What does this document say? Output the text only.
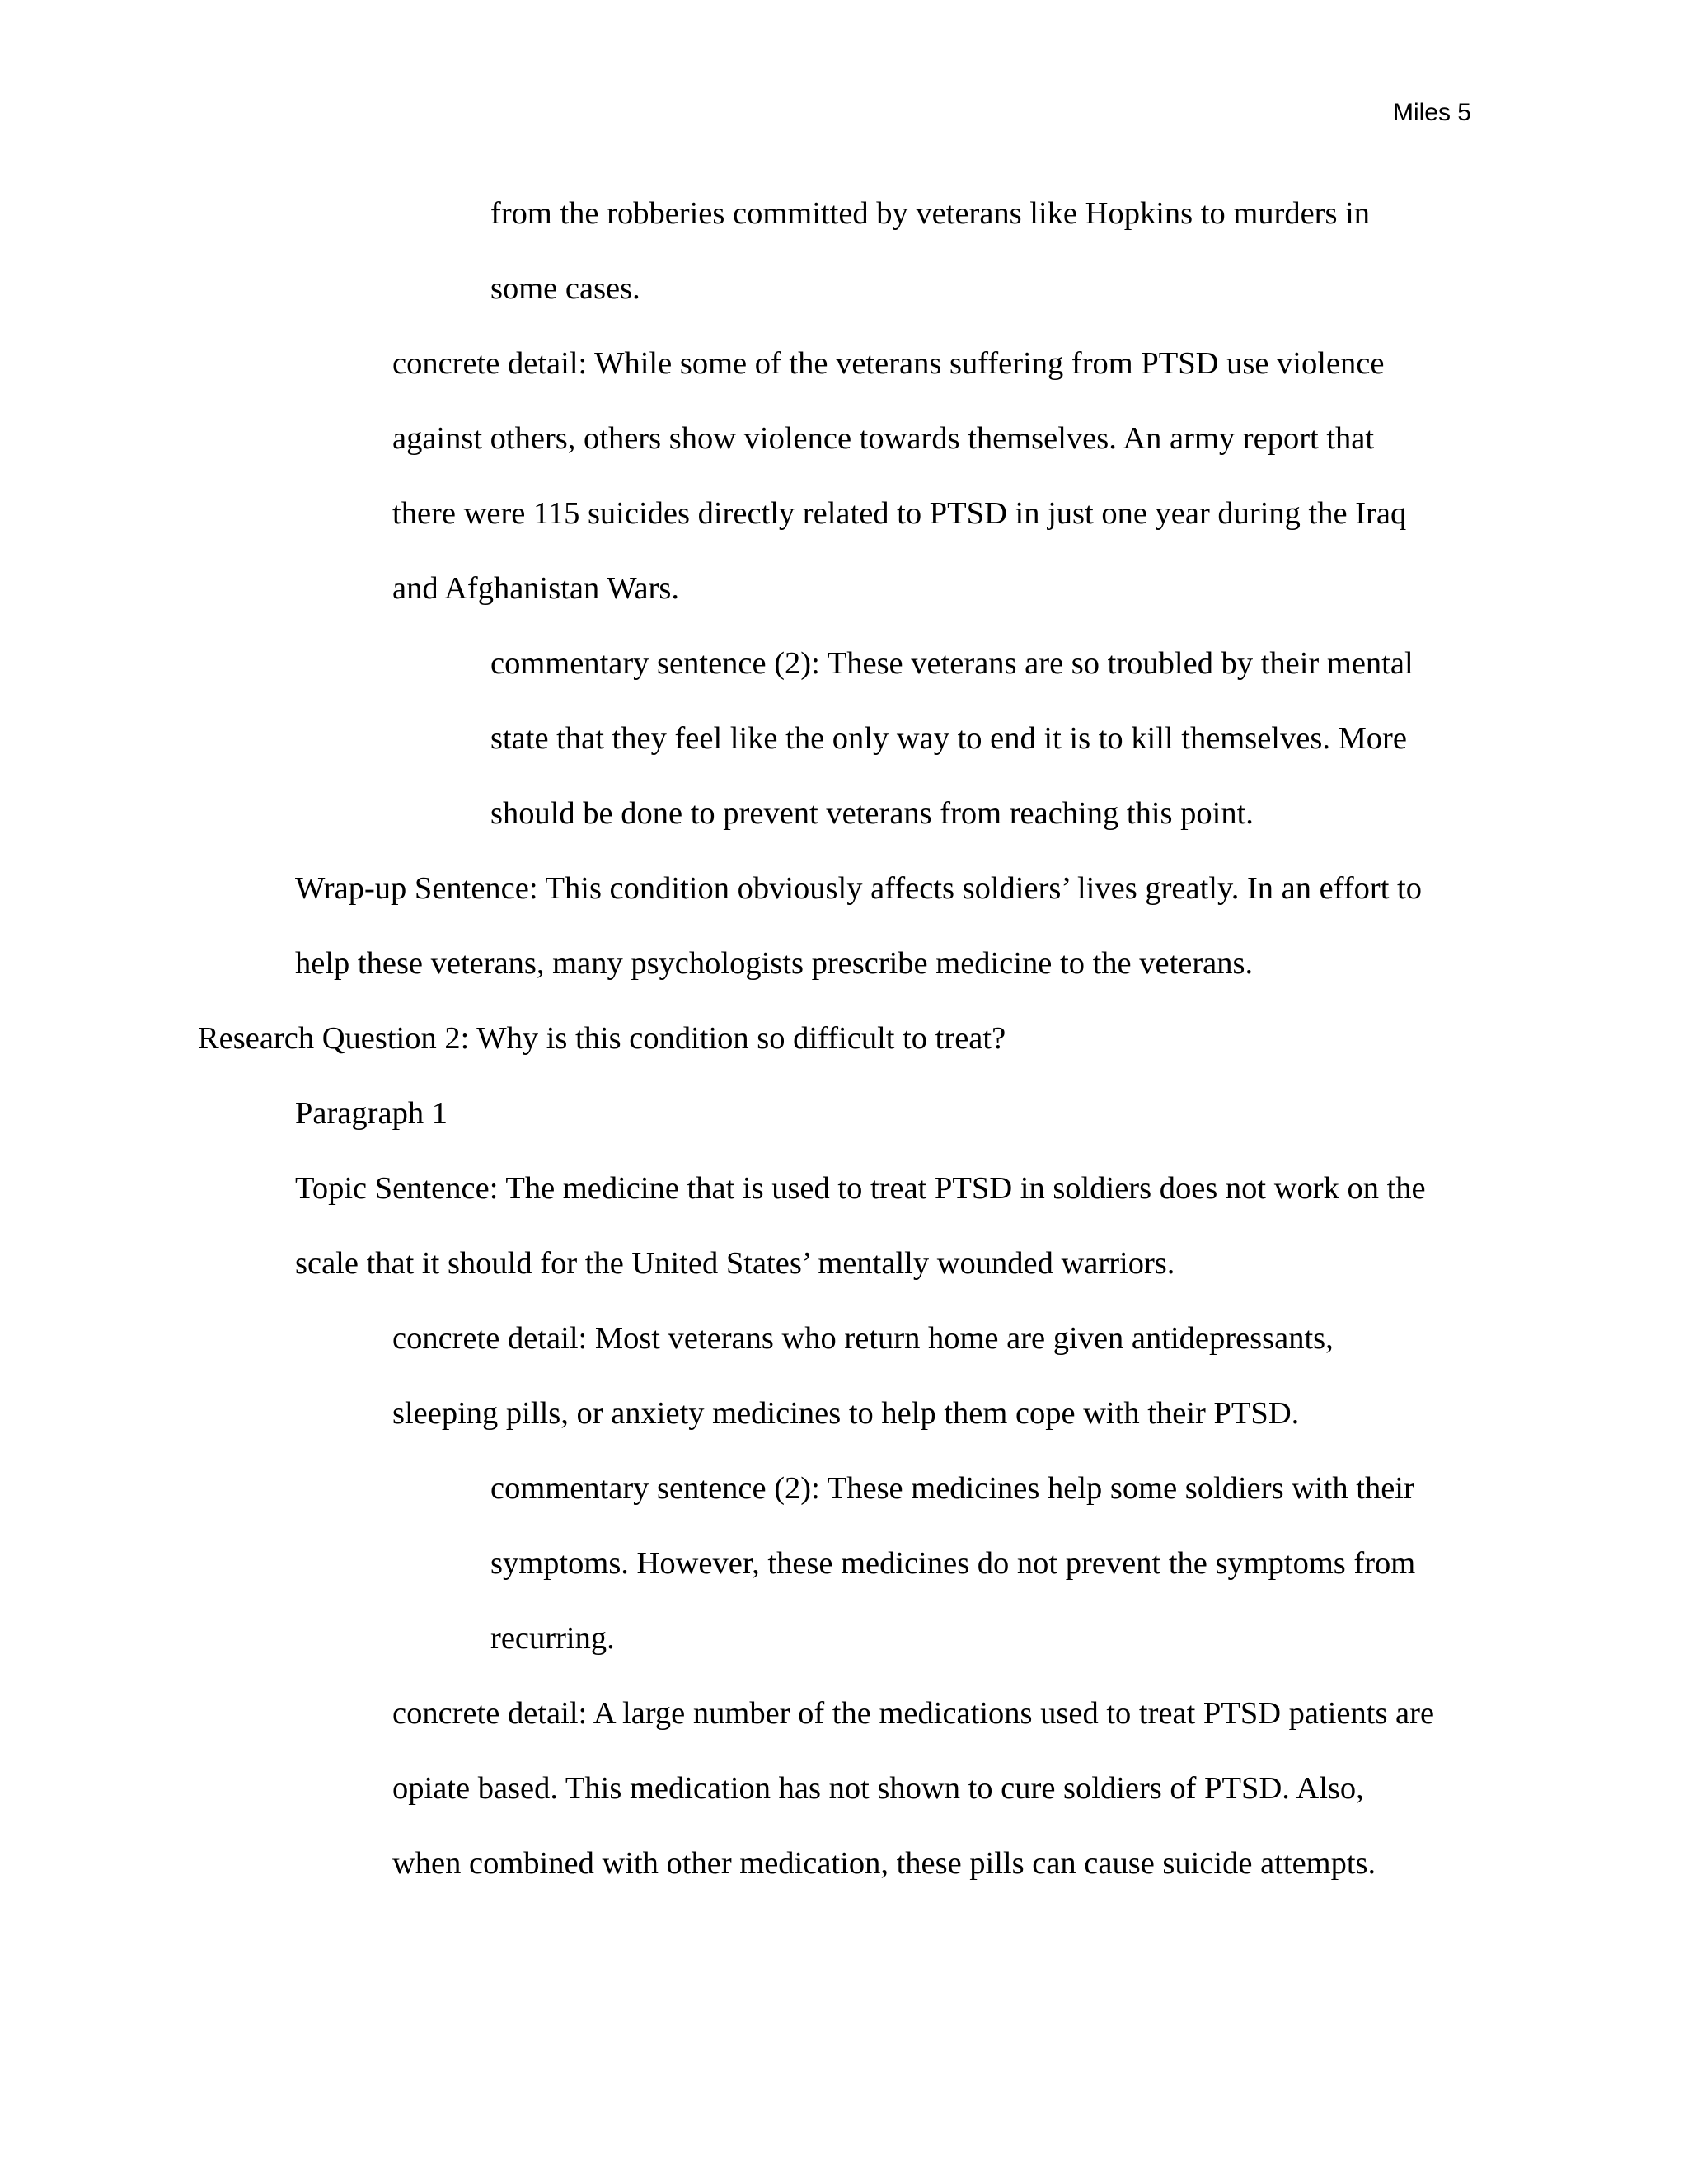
Miles 5
from the robberies committed by veterans like Hopkins to murders in
some cases.
concrete detail: While some of the veterans suffering from PTSD use violence
against others, others show violence towards themselves. An army report that
there were 115 suicides directly related to PTSD in just one year during the Iraq
and Afghanistan Wars.
commentary sentence (2): These veterans are so troubled by their mental
state that they feel like the only way to end it is to kill themselves. More
should be done to prevent veterans from reaching this point.
Wrap-up Sentence: This condition obviously affects soldiers’ lives greatly. In an effort to
help these veterans, many psychologists prescribe medicine to the veterans.
Research Question 2: Why is this condition so difficult to treat?
Paragraph 1
Topic Sentence: The medicine that is used to treat PTSD in soldiers does not work on the
scale that it should for the United States’ mentally wounded warriors.
concrete detail: Most veterans who return home are given antidepressants,
sleeping pills, or anxiety medicines to help them cope with their PTSD.
commentary sentence (2): These medicines help some soldiers with their
symptoms. However, these medicines do not prevent the symptoms from
recurring.
concrete detail: A large number of the medications used to treat PTSD patients are
opiate based. This medication has not shown to cure soldiers of PTSD. Also,
when combined with other medication, these pills can cause suicide attempts.
